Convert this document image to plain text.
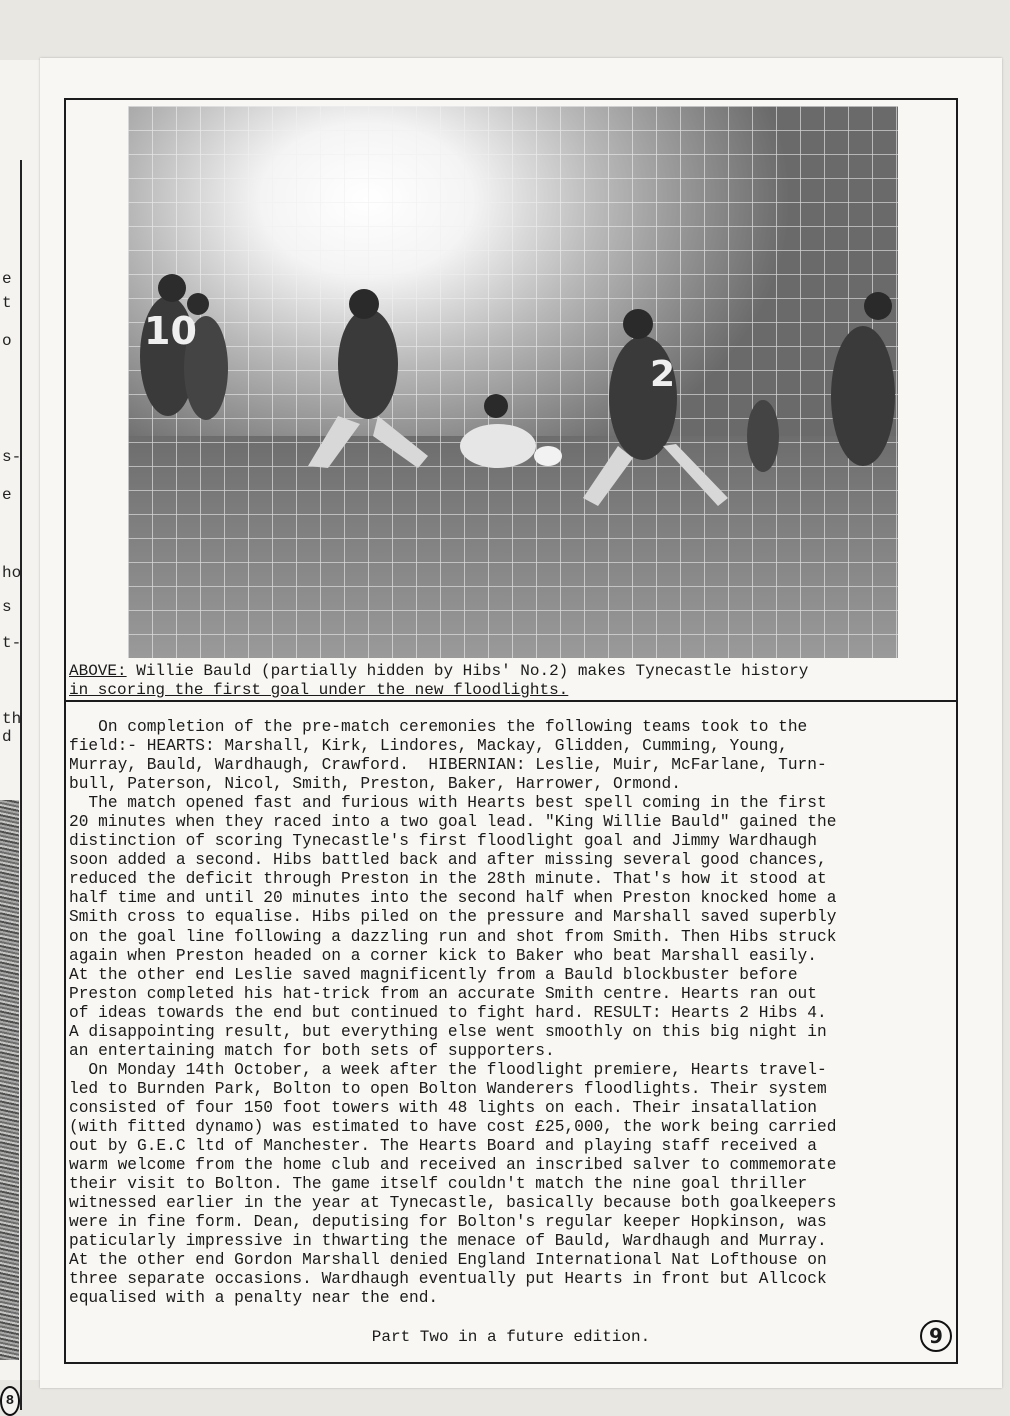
e
t
o
s-
e
ho
s
t-
th
d
8
10
2
ABOVE: Willie Bauld (partially hidden by Hibs' No.2) makes Tynecastle history
in scoring the first goal under the new floodlights.

On completion of the pre-match ceremonies the following teams took to the

field:- HEARTS: Marshall, Kirk, Lindores, Mackay, Glidden, Cumming, Young,

Murray, Bauld, Wardhaugh, Crawford.  HIBERNIAN: Leslie, Muir, McFarlane, Turn-

bull, Paterson, Nicol, Smith, Preston, Baker, Harrower, Ormond.

The match opened fast and furious with Hearts best spell coming in the first

20 minutes when they raced into a two goal lead. "King Willie Bauld" gained the

distinction of scoring Tynecastle's first floodlight goal and Jimmy Wardhaugh

soon added a second. Hibs battled back and after missing several good chances,

reduced the deficit through Preston in the 28th minute. That's how it stood at

half time and until 20 minutes into the second half when Preston knocked home a

Smith cross to equalise. Hibs piled on the pressure and Marshall saved superbly

on the goal line following a dazzling run and shot from Smith. Then Hibs struck

again when Preston headed on a corner kick to Baker who beat Marshall easily.

At the other end Leslie saved magnificently from a Bauld blockbuster before

Preston completed his hat-trick from an accurate Smith centre. Hearts ran out

of ideas towards the end but continued to fight hard. RESULT: Hearts 2 Hibs 4.

A disappointing result, but everything else went smoothly on this big night in

an entertaining match for both sets of supporters.

On Monday 14th October, a week after the floodlight premiere, Hearts travel-

led to Burnden Park, Bolton to open Bolton Wanderers floodlights. Their system

consisted of four 150 foot towers with 48 lights on each. Their insatallation

(with fitted dynamo) was estimated to have cost £25,000, the work being carried

out by G.E.C ltd of Manchester. The Hearts Board and playing staff received a

warm welcome from the home club and received an inscribed salver to commemorate

their visit to Bolton. The game itself couldn't match the nine goal thriller

witnessed earlier in the year at Tynecastle, basically because both goalkeepers

were in fine form. Dean, deputising for Bolton's regular keeper Hopkinson, was

paticularly impressive in thwarting the menace of Bauld, Wardhaugh and Murray.

At the other end Gordon Marshall denied England International Nat Lofthouse on

three separate occasions. Wardhaugh eventually put Hearts in front but Allcock

equalised with a penalty near the end.

Part Two in a future edition.	9
